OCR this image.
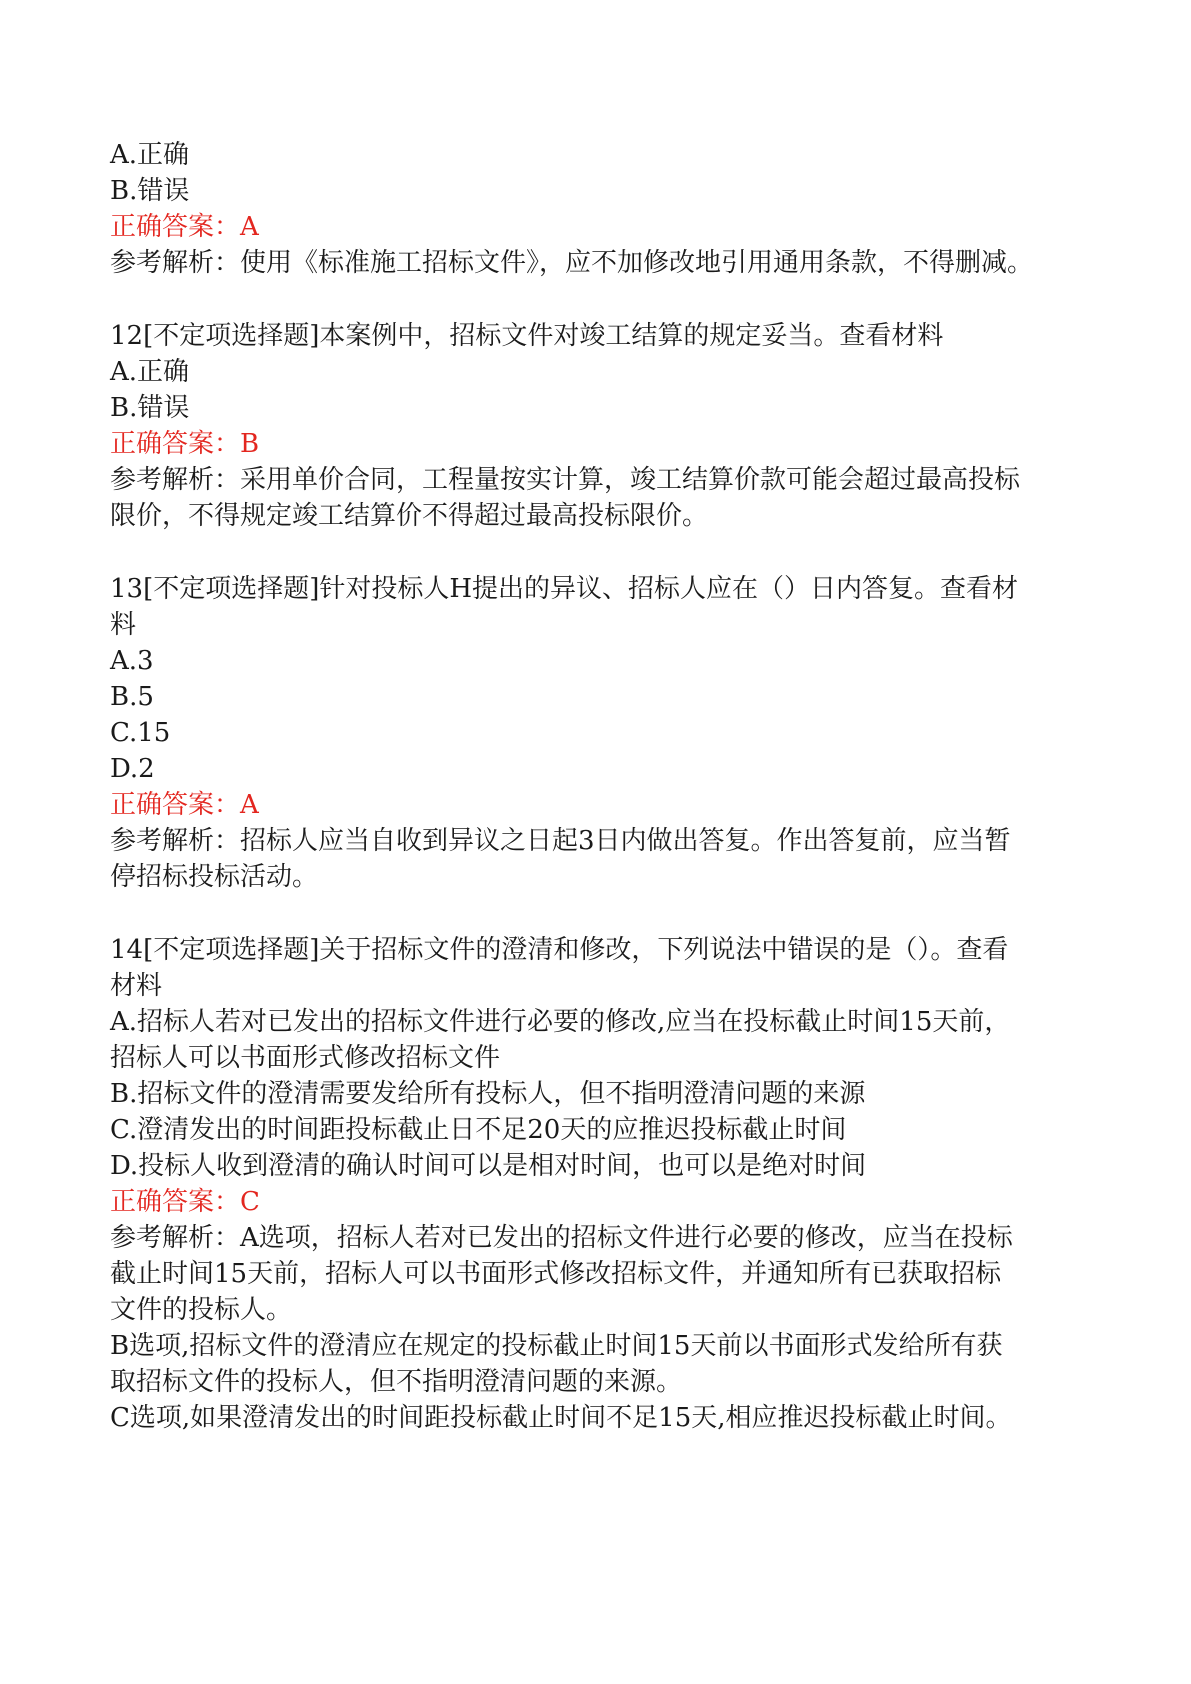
A.正确
B.错误
正确答案：A
参考解析：使用《标准施工招标文件》，应不加修改地引用通用条款，不得删减。
12[不定项选择题]本案例中，招标文件对竣工结算的规定妥当。查看材料
A.正确
B.错误
正确答案：B
参考解析：采用单价合同，工程量按实计算，竣工结算价款可能会超过最高投标
限价，不得规定竣工结算价不得超过最高投标限价。
13[不定项选择题]针对投标人H提出的异议、招标人应在（）日内答复。查看材
料
A.3
B.5
C.15
D.2
正确答案：A
参考解析：招标人应当自收到异议之日起3日内做出答复。作出答复前，应当暂
停招标投标活动。
14[不定项选择题]关于招标文件的澄清和修改，下列说法中错误的是（）。查看
材料
A.招标人若对已发出的招标文件进行必要的修改,应当在投标截止时间15天前，
招标人可以书面形式修改招标文件
B.招标文件的澄清需要发给所有投标人，但不指明澄清问题的来源
C.澄清发出的时间距投标截止日不足20天的应推迟投标截止时间
D.投标人收到澄清的确认时间可以是相对时间，也可以是绝对时间
正确答案：C
参考解析：A选项，招标人若对已发出的招标文件进行必要的修改，应当在投标
截止时间15天前，招标人可以书面形式修改招标文件，并通知所有已获取招标
文件的投标人。
B选项,招标文件的澄清应在规定的投标截止时间15天前以书面形式发给所有获
取招标文件的投标人，但不指明澄清问题的来源。
C选项,如果澄清发出的时间距投标截止时间不足15天,相应推迟投标截止时间。
